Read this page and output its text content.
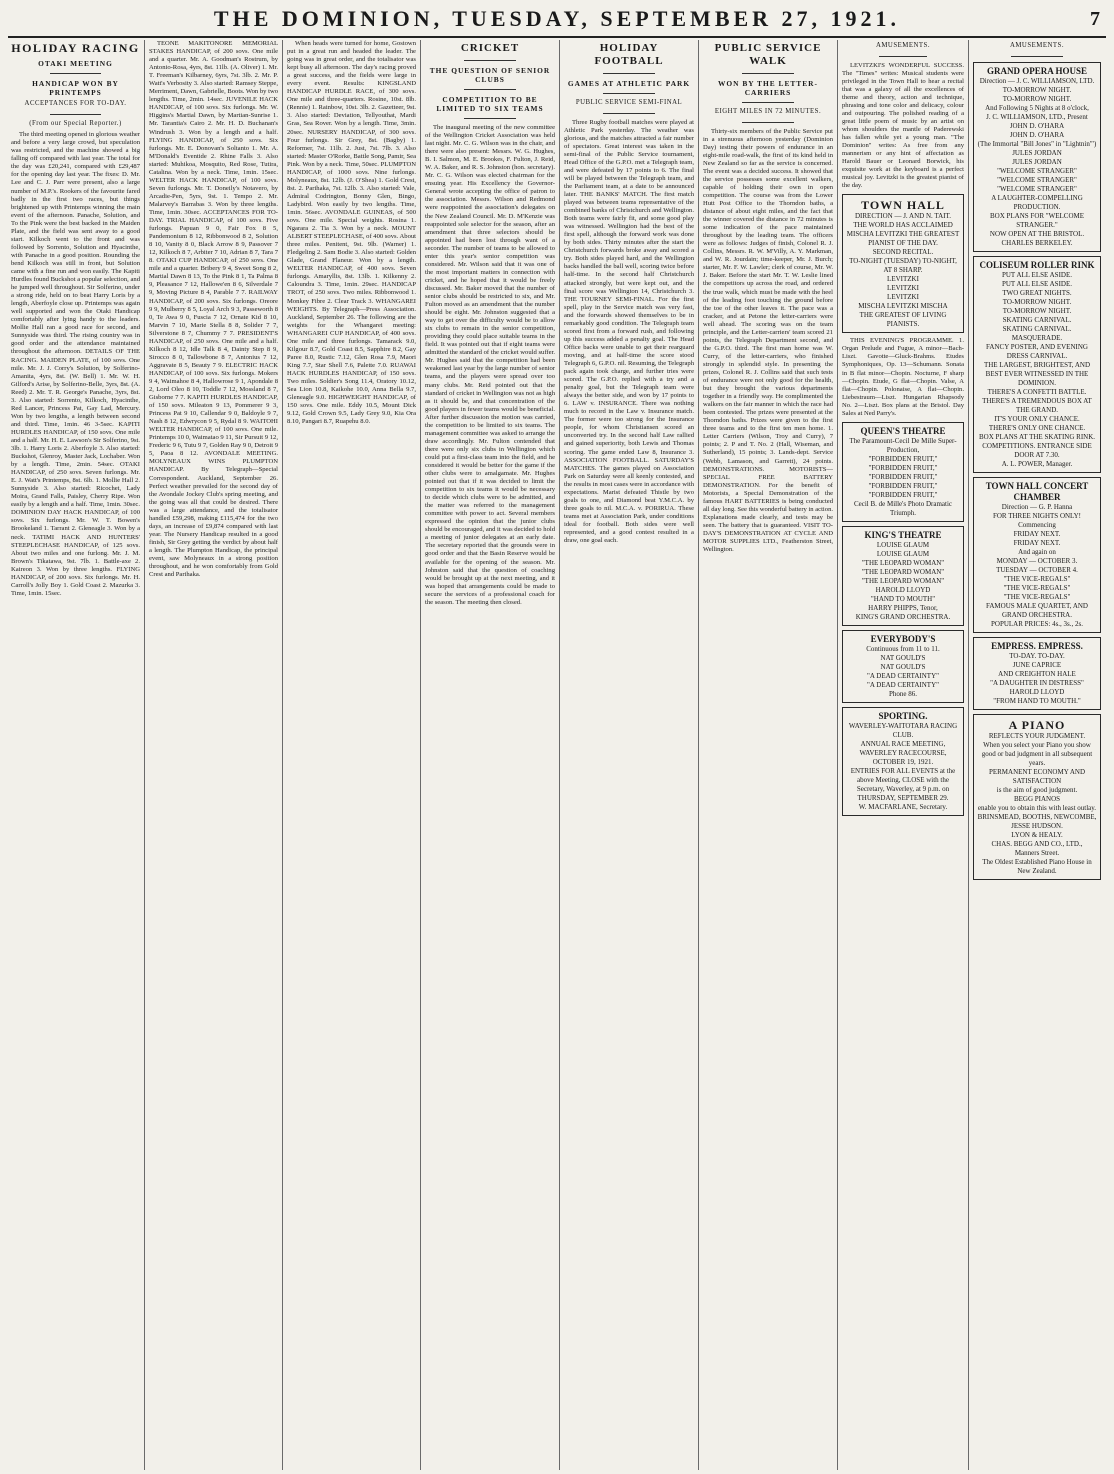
THE DOMINION, TUESDAY, SEPTEMBER 27, 1921.	7
HOLIDAY RACING
OTAKI MEETING
HANDICAP WON BY PRINTEMPS
ACCEPTANCES FOR TO-DAY.
(From our Special Reporter.)
The third meeting opened in glorious weather and before a very large crowd, but speculation was restricted, and the machine showed a big falling off compared with last year. The total for the day was £20,241, compared with £29,487 for the opening day last year. The fixes: D. Mr. Lee and C. J. Parr were present, also a large number of M.P.'s. Rookers of the favourite fared badly in the first two races, but things brightened up with Printemps winning the main event of the afternoon. Panache, Solution, and To the Pink were the best backed in the Maiden Plate, and the field was sent away to a good start. Kilkoch went to the front and was followed by Sorrento, Solution and Hyacinthe, with Panache in a good position. Rounding the bend Kilkoch was still in front, but Solution came with a fine run and won easily. The Kapiti Hurdles found Buckshot a popular selection, and he jumped well throughout. Sir Solferino, under a strong ride, held on to beat Harry Loris by a length, Aberfoyle close up. Printemps was again well supported and won the Otaki Handicap comfortably after lying handy to the leaders. Mollie Hall ran a good race for second, and Sunnyside was third. The rising country was in good order and the attendance maintained throughout the afternoon. DETAILS OF THE RACING. MAIDEN PLATE, of 100 sovs. One mile. Mr. J. J. Corry's Solution, by Solferino-Amanita, 4yrs, 8st. (W. Bell) 1. Mr. W. H. Gilford's Arise, by Solferino-Belle, 3yrs, 8st. (A. Reed) 2. Mr. T. R. George's Panache, 3yrs, 8st. 3. Also started: Sorrento, Kilkoch, Hyacinthe, Red Lancer, Princess Pat, Gay Lad, Mercury. Won by two lengths, a length between second and third. Time, 1min. 46 3-5sec. KAPITI HURDLES HANDICAP, of 150 sovs. One mile and a half. Mr. H. E. Lawson's Sir Solferino, 9st. 3lb. 1. Harry Loris 2. Aberfoyle 3. Also started: Buckshot, Glenroy, Master Jack, Lochaber. Won by a length. Time, 2min. 54sec. OTAKI HANDICAP, of 250 sovs. Seven furlongs. Mr. E. J. Watt's Printemps, 8st. 6lb. 1. Mollie Hall 2. Sunnyside 3. Also started: Ricochet, Lady Moira, Grand Falls, Paisley, Cherry Ripe. Won easily by a length and a half. Time, 1min. 30sec. DOMINION DAY HACK HANDICAP, of 100 sovs. Six furlongs. Mr. W. T. Bowen's Brookeland 1. Tarrant 2. Gleneagle 3. Won by a neck. TATIMI HACK AND HUNTERS' STEEPLECHASE HANDICAP, of 125 sovs. About two miles and one furlong. Mr. J. M. Brown's Tikatawa, 9st. 7lb. 1. Battle-axe 2. Kaireon 3. Won by three lengths. FLYING HANDICAP, of 200 sovs. Six furlongs. Mr. H. Carroll's Jolly Boy 1. Gold Coast 2. Mazurka 3. Time, 1min. 15sec.
TEONE MAKITONORE MEMORIAL STAKES HANDICAP, of 200 sovs. One mile and a quarter. Mr. A. Goodman's Rostrum, by Antonio-Rosa, 4yrs, 8st. 11lb. (A. Oliver) 1. Mr. T. Freeman's Kilbarney, 6yrs, 7st. 3lb. 2. Mr. P. Watt's Verbosity 3. Also started: Ramsey Steppe, Merriment, Dawn, Gabrielle, Boots. Won by two lengths. Time, 2min. 14sec. JUVENILE HACK HANDICAP, of 100 sovs. Six furlongs. Mr. W. Higgins's Martial Dawn, by Martian-Sunrise 1. Mr. Tarantia's Cairo 2. Mr. H. D. Buchanan's Windrush 3. Won by a length and a half. FLYING HANDICAP, of 250 sovs. Six furlongs. Mr. E. Donovan's Soltanto 1. Mr. A. M'Donald's Eventide 2. Rhine Falls 3. Also started: Muhikoa, Mosquito, Red Rose, Tutira, Catalina. Won by a neck. Time, 1min. 15sec. WELTER HACK HANDICAP, of 100 sovs. Seven furlongs. Mr. T. Doneily's Notavero, by Arcadie-Pen, 5yrs, 9st. 1. Tempo 2. Mr. Malarvey's Barrabas 3. Won by three lengths. Time, 1min. 30sec. ACCEPTANCES FOR TO-DAY. TRIAL HANDICAP, of 100 sovs. Five furlongs. Papuan 9 0, Fair Fox 8 5, Pandemonium 8 12, Ribbonwood 8 2, Solution 8 10, Vanity 8 0, Black Arrow 8 9, Passover 7 12, Kilkoch 8 7, Arbiter 7 10, Adrian 8 7, Tara 7 8. OTAKI CUP HANDICAP, of 250 sovs. One mile and a quarter. Bribery 9 4, Sweet Song 8 2, Martial Dawn 8 13, To the Pink 8 1, Ta Palma 8 9, Pleasance 7 12, Hallowe'en 8 6, Silverdale 7 9, Moving Picture 8 4, Parable 7 7. RAILWAY HANDICAP, of 200 sovs. Six furlongs. Oreore 9 9, Mulberry 8 5, Loyal Arch 9 3, Passeworth 8 0, Te Awa 9 0, Fuscia 7 12, Ornate Kid 8 10, Marvin 7 10, Marie Stella 8 8, Solider 7 7, Silverstone 8 7, Chummy 7 7. PRESIDENT'S HANDICAP, of 250 sovs. One mile and a half. Kilkoch 8 12, Idle Talk 8 4, Dainty Step 8 9, Sirocco 8 0, Tallowbone 8 7, Antonius 7 12, Aggravate 8 5, Beauty 7 9. ELECTRIC HACK HANDICAP, of 100 sovs. Six furlongs. Mokers 9 4, Waimahoe 8 4, Hallowrose 9 1, Apondale 8 2, Lord Oleo 8 10, Toddle 7 12, Mossland 8 7, Gisborne 7 7. KAPITI HURDLES HANDICAP, of 150 sovs. Mileaton 9 13, Pommerer 9 3, Princess Pat 9 10, Callendar 9 0, Baldoyle 9 7, Nash 8 12, Edwrycon 9 5, Rydal 8 9. WAITOHI WELTER HANDICAP, of 100 sovs. One mile. Printemps 10 0, Waimatao 9 11, Sir Pursuit 9 12, Frederic 9 6, Tutu 9 7, Golden Ray 9 0, Detroit 9 5, Paoa 8 12. AVONDALE MEETING. MOLYNEAUX WINS PLUMPTON HANDICAP. By Telegraph—Special Correspondent. Auckland, September 26. Perfect weather prevailed for the second day of the Avondale Jockey Club's spring meeting, and the going was all that could be desired. There was a large attendance, and the totalisator handled £59,298, making £115,474 for the two days, an increase of £9,874 compared with last year. The Nursery Handicap resulted in a good finish, Sir Grey getting the verdict by about half a length. The Plumpton Handicap, the principal event, saw Molyneaux in a strong position throughout, and he won comfortably from Gold Crest and Parihaka.
When heads were turned for home, Gostown put in a great run and headed the leader. The going was in great order, and the totalisator was kept busy all afternoon. The day's racing proved a great success, and the fields were large in every event. Results: KINGSLAND HANDICAP HURDLE RACE, of 300 sovs. One mile and three-quarters. Rosine, 10st. 8lb. (Rennie) 1. Rainbow, 10st. 3lb. 2. Gazetteer, 9st. 3. Also started: Deviation, Tellyouthat, Mardi Gras, Sea Rover. Won by a length. Time, 3min. 20sec. NURSERY HANDICAP, of 300 sovs. Four furlongs. Sir Grey, 8st. (Bagby) 1. Reformer, 7st. 11lb. 2. Just, 7st. 7lb. 3. Also started: Master O'Rorke, Battle Song, Pamir, Sea Pink. Won by a neck. Time, 50sec. PLUMPTON HANDICAP, of 1000 sovs. Nine furlongs. Molyneaux, 8st. 12lb. (J. O'Shea) 1. Gold Crest, 8st. 2. Parihaka, 7st. 12lb. 3. Also started: Vale, Admiral Codrington, Bonny Glen, Bingo, Ladybird. Won easily by two lengths. Time, 1min. 56sec. AVONDALE GUINEAS, of 500 sovs. One mile. Special weights. Rosina 1. Ngarara 2. Tia 3. Won by a neck. MOUNT ALBERT STEEPLECHASE, of 400 sovs. About three miles. Penitent, 9st. 9lb. (Warner) 1. Fledgeling 2. Sam Bodie 3. Also started: Golden Glade, Grand Flaneur. Won by a length. WELTER HANDICAP, of 400 sovs. Seven furlongs. Amaryllis, 8st. 13lb. 1. Kilkenny 2. Caloundra 3. Time, 1min. 29sec. HANDICAP TROT, of 250 sovs. Two miles. Ribbonwood 1. Monkey Fibre 2. Clear Track 3. WHANGAREI WEIGHTS. By Telegraph—Press Association. Auckland, September 26. The following are the weights for the Whangarei meeting: WHANGAREI CUP HANDICAP, of 400 sovs. One mile and three furlongs. Tamarack 9.0, Kilgour 8.7, Gold Coast 8.5, Sapphire 8.2, Gay Paree 8.0, Rustic 7.12, Glen Rosa 7.9, Maori King 7.7, Star Shell 7.6, Palette 7.0. RUAWAI HACK HURDLES HANDICAP, of 150 sovs. Two miles. Soldier's Song 11.4, Oratory 10.12, Sea Lion 10.8, Kaikohe 10.0, Anna Bella 9.7, Gleneagle 9.0. HIGHWEIGHT HANDICAP, of 150 sovs. One mile. Eddy 10.5, Mount Dick 9.12, Gold Crown 9.5, Lady Grey 9.0, Kia Ora 8.10, Pangari 8.7, Ruapehu 8.0.
CRICKET
THE QUESTION OF SENIOR CLUBS
COMPETITION TO BE LIMITED TO SIX TEAMS
The inaugural meeting of the new committee of the Wellington Cricket Association was held last night. Mr. C. G. Wilson was in the chair, and there were also present: Messrs. W. G. Hughes, B. I. Salmon, M. E. Brookes, F. Fulton, J. Reid, W. A. Baker, and R. S. Johnston (hon. secretary). Mr. C. G. Wilson was elected chairman for the ensuing year. His Excellency the Governor-General wrote accepting the office of patron to the association. Messrs. Wilson and Redmond were reappointed the association's delegates on the New Zealand Council. Mr. D. M'Kenzie was reappointed sole selector for the season, after an amendment that three selectors should be appointed had been lost through want of a seconder. The number of teams to be allowed to enter this year's senior competition was considered. Mr. Wilson said that it was one of the most important matters in connection with cricket, and he hoped that it would be freely discussed. Mr. Baker moved that the number of senior clubs should be restricted to six, and Mr. Fulton moved as an amendment that the number should be eight. Mr. Johnston suggested that a way to get over the difficulty would be to allow six clubs to remain in the senior competition, providing they could place suitable teams in the field. It was pointed out that if eight teams were admitted the standard of the cricket would suffer. Mr. Hughes said that the competition had been weakened last year by the large number of senior teams, and the players were spread over too many clubs. Mr. Reid pointed out that the standard of cricket in Wellington was not as high as it should be, and that concentration of the good players in fewer teams would be beneficial. After further discussion the motion was carried, the competition to be limited to six teams. The management committee was asked to arrange the draw accordingly. Mr. Fulton contended that there were only six clubs in Wellington which could put a first-class team into the field, and he considered it would be better for the game if the other clubs were to amalgamate. Mr. Hughes pointed out that if it was decided to limit the competition to six teams it would be necessary to decide which clubs were to be admitted, and the matter was referred to the management committee with power to act. Several members expressed the opinion that the junior clubs should be encouraged, and it was decided to hold a meeting of junior delegates at an early date. The secretary reported that the grounds were in good order and that the Basin Reserve would be available for the opening of the season. Mr. Johnston said that the question of coaching would be brought up at the next meeting, and it was hoped that arrangements could be made to secure the services of a professional coach for the season. The meeting then closed.
HOLIDAY FOOTBALL
GAMES AT ATHLETIC PARK
PUBLIC SERVICE SEMI-FINAL
Three Rugby football matches were played at Athletic Park yesterday. The weather was glorious, and the matches attracted a fair number of spectators. Great interest was taken in the semi-final of the Public Service tournament, Head Office of the G.P.O. met a Telegraph team, and were defeated by 17 points to 6. The final will be played between the Telegraph team, and the Parliament team, at a date to be announced later. THE BANKS' MATCH. The first match played was between teams representative of the combined banks of Christchurch and Wellington. Both teams were fairly fit, and some good play was witnessed. Wellington had the best of the first spell, although the forward work was done by both sides. Thirty minutes after the start the Christchurch forwards broke away and scored a try. Both sides played hard, and the Wellington backs handled the ball well, scoring twice before half-time. In the second half Christchurch attacked strongly, but were kept out, and the final score was Wellington 14, Christchurch 3. THE TOURNEY SEMI-FINAL. For the first spell, play in the Service match was very fast, and the forwards showed themselves to be in remarkably good condition. The Telegraph team scored first from a forward rush, and following up this success added a penalty goal. The Head Office backs were unable to get their rearguard moving, and at half-time the score stood Telegraph 6, G.P.O. nil. Resuming, the Telegraph pack again took charge, and further tries were scored. The G.P.O. replied with a try and a penalty goal, but the Telegraph team were always the better side, and won by 17 points to 6. LAW v. INSURANCE. There was nothing much to record in the Law v. Insurance match. The former were too strong for the Insurance people, for whom Christiansen scored an unconverted try. In the second half Law rallied and gained superiority, both Lewis and Thomas scoring. The game ended Law 8, Insurance 3. ASSOCIATION FOOTBALL. SATURDAY'S MATCHES. The games played on Association Park on Saturday were all keenly contested, and the results in most cases were in accordance with expectations. Marist defeated Thistle by two goals to one, and Diamond beat Y.M.C.A. by three goals to nil. M.C.A. v. PORIRUA. These teams met at Association Park, under conditions ideal for football. Both sides were well represented, and a good contest resulted in a draw, one goal each.
PUBLIC SERVICE WALK
WON BY THE LETTER-CARRIERS
EIGHT MILES IN 72 MINUTES.
Thirty-six members of the Public Service put in a strenuous afternoon yesterday (Dominion Day) testing their powers of endurance in an eight-mile road-walk, the first of its kind held in New Zealand so far as the service is concerned. The event was a decided success. It showed that the service possesses some excellent walkers, capable of holding their own in open competition. The course was from the Lower Hutt Post Office to the Thorndon baths, a distance of about eight miles, and the fact that the winner covered the distance in 72 minutes is some indication of the pace maintained throughout by the leading team. The officers were as follows: Judges of finish, Colonel R. J. Collins, Messrs. R. W. M'Villy, A. Y. Markman, and W. R. Jourdain; time-keeper, Mr. J. Burch; starter, Mr. F. W. Lawler; clerk of course, Mr. W. J. Baker. Before the start Mr. T. W. Leslie lined the competitors up across the road, and ordered the true walk, which must be made with the heel of the leading foot touching the ground before the toe of the other leaves it. The pace was a cracker, and at Petone the letter-carriers were well ahead. The scoring was on the team principle, and the Letter-carriers' team scored 21 points, the Telegraph Department second, and the G.P.O. third. The first man home was W. Curry, of the letter-carriers, who finished strongly in splendid style. In presenting the prizes, Colonel R. J. Collins said that such tests of endurance were not only good for the health, but they brought the various departments together in a friendly way. He complimented the walkers on the fair manner in which the race had been contested. The prizes were presented at the Thorndon baths. Prizes were given to the first three teams and to the first ten men home. 1. Letter Carriers (Wilson, Troy and Curry), 7 points; 2. P and T. No. 2 (Hall, Wiseman, and Sutherland), 15 points; 3. Lands-dept. Service (Webb, Lamason, and Garrett), 24 points. DEMONSTRATIONS. MOTORISTS—SPECIAL FREE BATTERY DEMONSTRATION. For the benefit of Motorists, a Special Demonstration of the famous HART BATTERIES is being conducted all day long. See this wonderful battery in action. Explanations made clearly, and tests may be seen. The battery that is guaranteed. VISIT TO-DAY'S DEMONSTRATION AT CYCLE AND MOTOR SUPPLIES LTD., Featherston Street, Wellington.
AMUSEMENTS.
LEVITZKI'S WONDERFUL SUCCESS. The "Times" writes: Musical students were privileged in the Town Hall to hear a recital that was a galaxy of all the excellences of theme and theory, action and technique, phrasing and tone color and delicacy, colour and outpouring. The polished reading of a great little poem of music by an artist on whom shoulders the mantle of Paderewski has fallen while yet a young man. "The Dominion" writes: As free from any mannerism or any hint of affectation as Harold Bauer or Leonard Borwick, his exquisite work at the keyboard is a perfect musical joy. Levitzki is the greatest pianist of the day.
TOWN HALL
DIRECTION — J. AND N. TAIT.
THE WORLD HAS ACCLAIMED
MISCHA LEVITZKI THE GREATEST
PIANIST OF THE DAY.
SECOND RECITAL.
TO-NIGHT (TUESDAY) TO-NIGHT,
AT 8 SHARP.
LEVITZKI
LEVITZKI
LEVITZKI
MISCHA LEVITZKI MISCHA
THE GREATEST OF LIVING PIANISTS.
THIS EVENING'S PROGRAMME. 1. Organ Prelude and Fugue, A minor—Bach-Liszt. Gavotte—Gluck-Brahms. Etudes Symphoniques, Op. 13—Schumann. Sonata in B flat minor—Chopin. Nocturne, F sharp—Chopin. Etude, G flat—Chopin. Valse, A flat—Chopin. Polonaise, A flat—Chopin. Liebestraum—Liszt. Hungarian Rhapsody No. 2—Liszt. Box plans at the Bristol. Day Sales at Ned Parry's.
QUEEN'S THEATRE
The Paramount-Cecil De Mille Super-Production,
"FORBIDDEN FRUIT,"
"FORBIDDEN FRUIT,"
"FORBIDDEN FRUIT,"
"FORBIDDEN FRUIT,"
"FORBIDDEN FRUIT,"
Cecil B. de Mille's Photo Dramatic Triumph.
KING'S THEATRE
LOUISE GLAUM
LOUISE GLAUM
"THE LEOPARD WOMAN"
"THE LEOPARD WOMAN"
"THE LEOPARD WOMAN"
HAROLD LLOYD
"HAND TO MOUTH"
HARRY PHIPPS, Tenor,
KING'S GRAND ORCHESTRA.
EVERYBODY'S
Continuous from 11 to 11.
NAT GOULD'S
NAT GOULD'S
"A DEAD CERTAINTY"
"A DEAD CERTAINTY"
Phone 86.
SPORTING.
WAVERLEY-WAITOTARA RACING CLUB.
ANNUAL RACE MEETING,
WAVERLEY RACECOURSE,
OCTOBER 19, 1921.
ENTRIES FOR ALL EVENTS at the above Meeting, CLOSE with the Secretary, Waverley, at 9 p.m. on THURSDAY, SEPTEMBER 29.
W. MACFARLANE, Secretary.
AMUSEMENTS.
GRAND OPERA HOUSE
Direction — J. C. WILLIAMSON, LTD.
TO-MORROW NIGHT.
TO-MORROW NIGHT.
And Following 5 Nights at 8 o'clock,
J. C. WILLIAMSON, LTD., Present
JOHN D. O'HARA
JOHN D. O'HARA
(The Immortal "Bill Jones" in "Lightnin'")
JULES JORDAN
JULES JORDAN
"WELCOME STRANGER"
"WELCOME STRANGER"
"WELCOME STRANGER"
A LAUGHTER-COMPELLING PRODUCTION.
BOX PLANS FOR "WELCOME STRANGER."
NOW OPEN AT THE BRISTOL.
CHARLES BERKELEY.
COLISEUM ROLLER RINK
PUT ALL ELSE ASIDE.
PUT ALL ELSE ASIDE.
TWO GREAT NIGHTS.
TO-MORROW NIGHT.
TO-MORROW NIGHT.
SKATING CARNIVAL.
SKATING CARNIVAL.
MASQUERADE.
FANCY POSTER, AND EVENING DRESS CARNIVAL.
THE LARGEST, BRIGHTEST, AND BEST EVER WITNESSED IN THE DOMINION.
THERE'S A CONFETTI BATTLE.
THERE'S A TREMENDOUS BOX AT THE GRAND.
IT'S YOUR ONLY CHANCE.
THERE'S ONLY ONE CHANCE.
BOX PLANS AT THE SKATING RINK.
COMPETITIONS. ENTRANCE SIDE DOOR AT 7.30.
A. L. POWER, Manager.
TOWN HALL CONCERT CHAMBER
Direction — G. P. Hanna
FOR THREE NIGHTS ONLY!
Commencing
FRIDAY NEXT.
FRIDAY NEXT.
And again on
MONDAY — OCTOBER 3.
TUESDAY — OCTOBER 4.
"THE VICE-REGALS"
"THE VICE-REGALS"
"THE VICE-REGALS"
FAMOUS MALE QUARTET, AND GRAND ORCHESTRA.
POPULAR PRICES: 4s., 3s., 2s.
EMPRESS. EMPRESS.
TO-DAY. TO-DAY.
JUNE CAPRICE
AND CREIGHTON HALE
"A DAUGHTER IN DISTRESS"
HAROLD LLOYD
"FROM HAND TO MOUTH."
A PIANO
REFLECTS YOUR JUDGMENT.
When you select your Piano you show good or bad judgment in all subsequent years.
PERMANENT ECONOMY AND SATISFACTION
is the aim of good judgment.
BEGG PIANOS
enable you to obtain this with least outlay.
BRINSMEAD, BOOTHS, NEWCOMBE, JESSE HUDSON.
LYON & HEALY.
CHAS. BEGG AND CO., LTD.,
Manners Street.
The Oldest Established Piano House in New Zealand.
